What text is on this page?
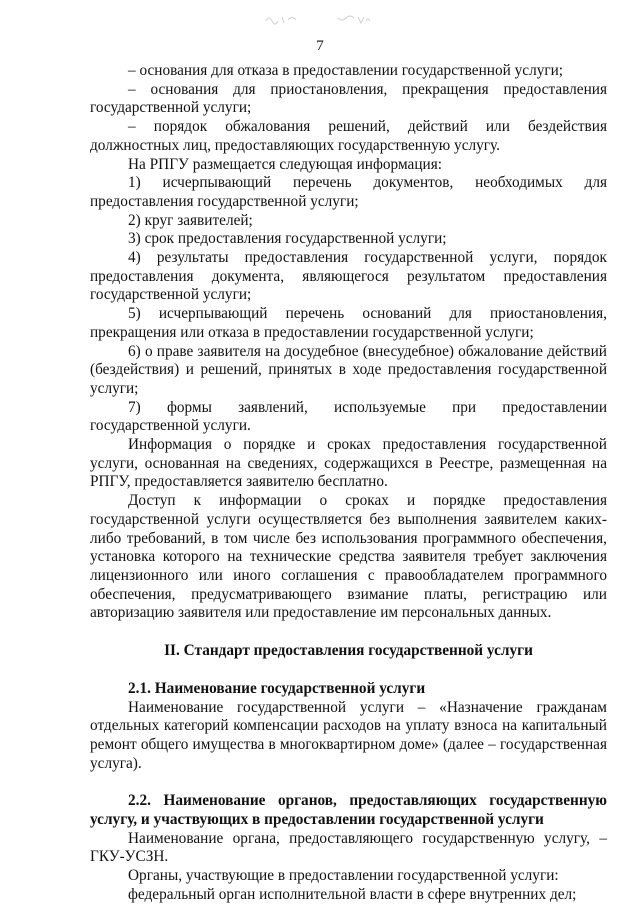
7

– основания для отказа в предоставлении государственной услуги;

– основания для приостановления, прекращения предоставления государственной услуги;

– порядок обжалования решений, действий или бездействия должностных лиц, предоставляющих государственную услугу.

На РПГУ размещается следующая информация:

1) исчерпывающий перечень документов, необходимых для предоставления государственной услуги;

2) круг заявителей;

3) срок предоставления государственной услуги;

4) результаты предоставления государственной услуги, порядок предоставления документа, являющегося результатом предоставления государственной услуги;

5) исчерпывающий перечень оснований для приостановления, прекращения или отказа в предоставлении государственной услуги;

6) о праве заявителя на досудебное (внесудебное) обжалование действий (бездействия) и решений, принятых в ходе предоставления государственной услуги;

7) формы заявлений, используемые при предоставлении государственной услуги.

Информация о порядке и сроках предоставления государственной услуги, основанная на сведениях, содержащихся в Реестре, размещенная на РПГУ, предоставляется заявителю бесплатно.

Доступ к информации о сроках и порядке предоставления государственной услуги осуществляется без выполнения заявителем каких-либо требований, в том числе без использования программного обеспечения, установка которого на технические средства заявителя требует заключения лицензионного или иного соглашения с правообладателем программного обеспечения, предусматривающего взимание платы, регистрацию или авторизацию заявителя или предоставление им персональных данных.

II. Стандарт предоставления государственной услуги

2.1. Наименование государственной услуги

Наименование государственной услуги – «Назначение гражданам отдельных категорий компенсации расходов на уплату взноса на капитальный ремонт общего имущества в многоквартирном доме» (далее – государственная услуга).

2.2. Наименование органов, предоставляющих государственную услугу, и участвующих в предоставлении государственной услуги

Наименование органа, предоставляющего государственную услугу, – ГКУ-УСЗН.

Органы, участвующие в предоставлении государственной услуги:

федеральный орган исполнительной власти в сфере внутренних дел;
